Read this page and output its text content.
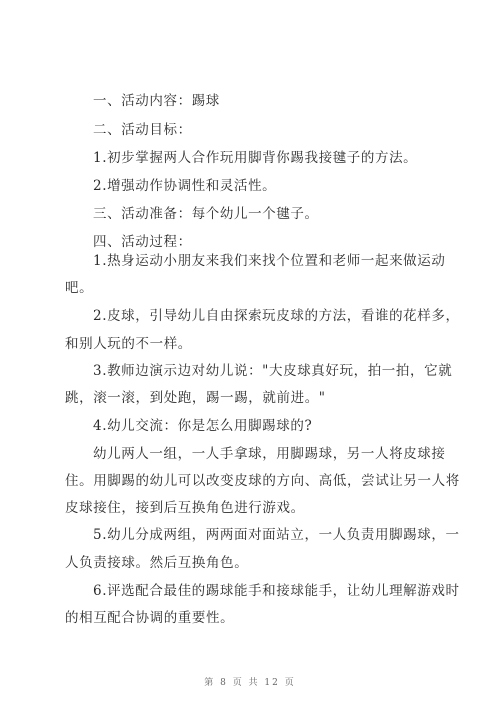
一、活动内容：踢球
二、活动目标：
1.初步掌握两人合作玩用脚背你踢我接毽子的方法。
2.增强动作协调性和灵活性。
三、活动准备：每个幼儿一个毽子。
四、活动过程：
1.热身运动小朋友来我们来找个位置和老师一起来做运动
吧。
2.皮球，引导幼儿自由探索玩皮球的方法，看谁的花样多，
和别人玩的不一样。
3.教师边演示边对幼儿说："大皮球真好玩，拍一拍，它就
跳，滚一滚，到处跑，踢一踢，就前进。"
4.幼儿交流：你是怎么用脚踢球的?
幼儿两人一组，一人手拿球，用脚踢球，另一人将皮球接
住。用脚踢的幼儿可以改变皮球的方向、高低，尝试让另一人将
皮球接住，接到后互换角色进行游戏。
5.幼儿分成两组，两两面对面站立，一人负责用脚踢球，一
人负责接球。然后互换角色。
6.评选配合最佳的踢球能手和接球能手，让幼儿理解游戏时
的相互配合协调的重要性。
第 8 页 共 12 页
